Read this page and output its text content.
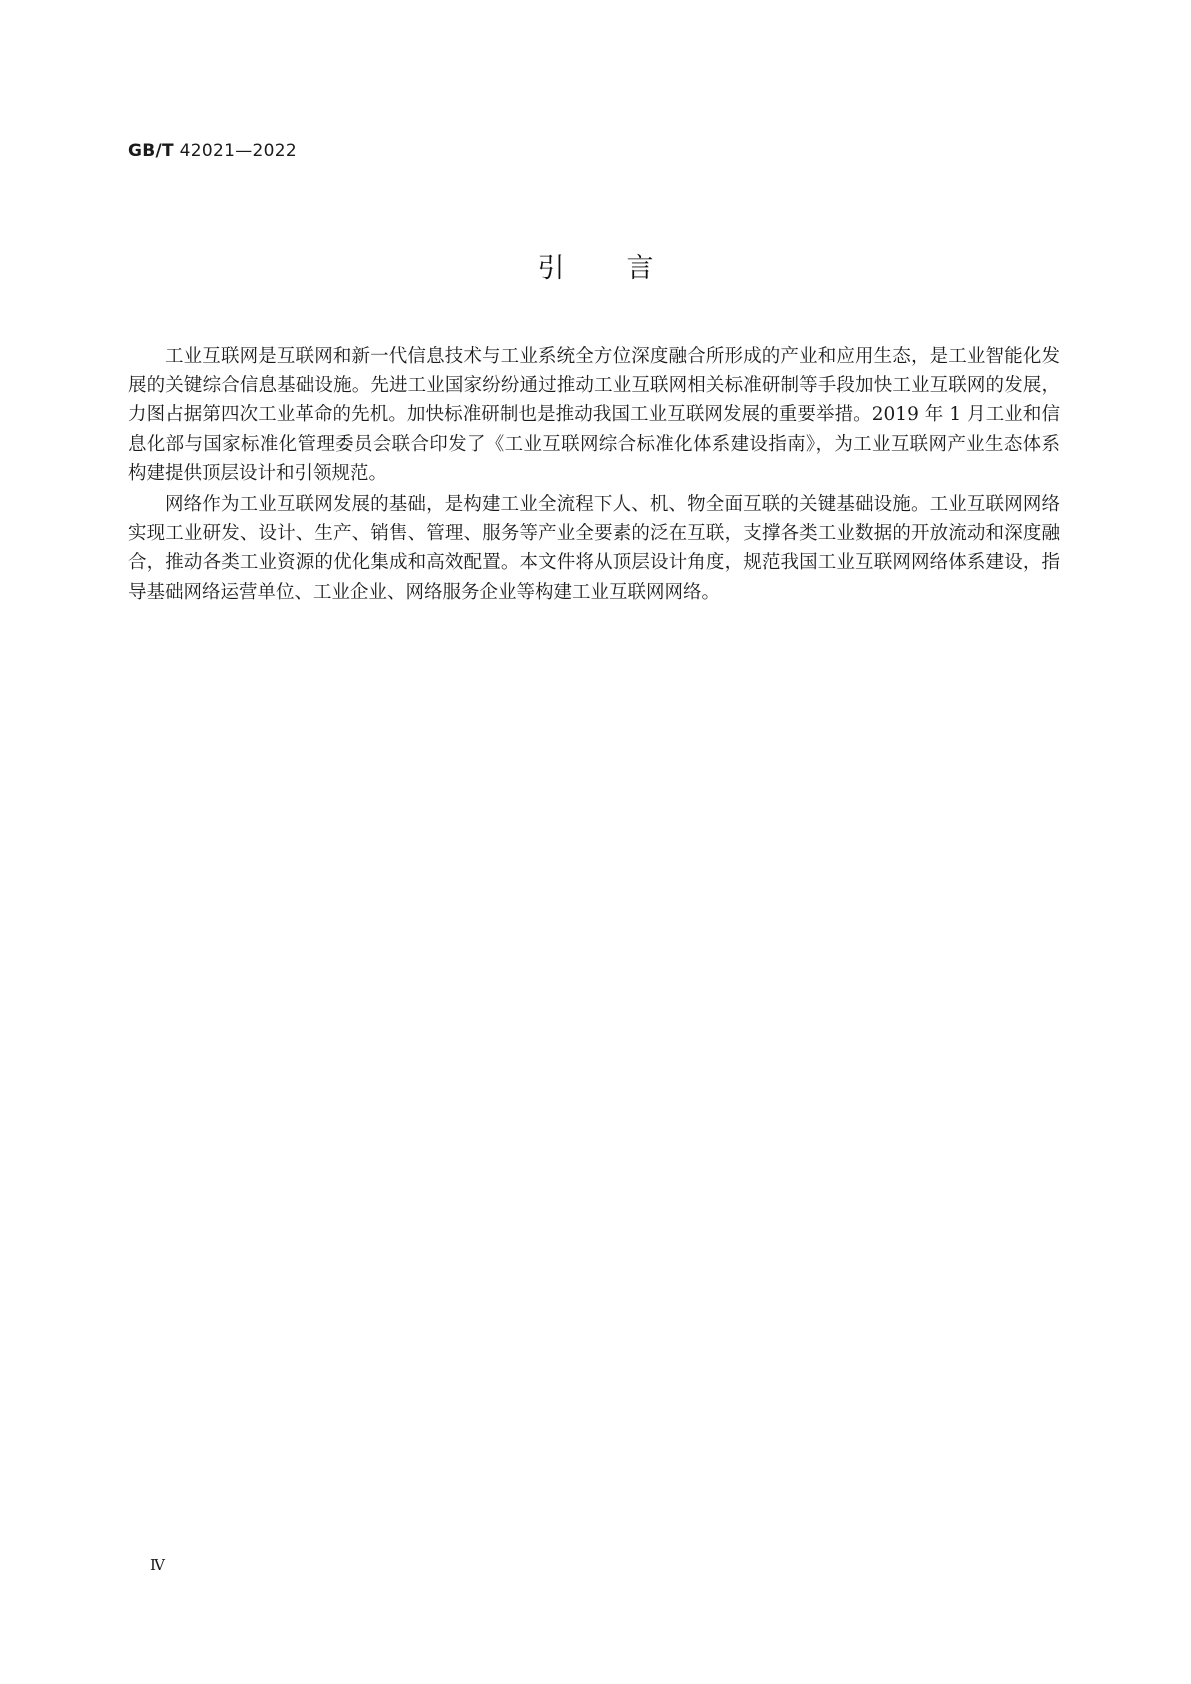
GB/T 42021—2022
引言

工业互联网是互联网和新一代信息技术与工业系统全方位深度融合所形成的产业和应用生态，是工业智能化发展的关键综合信息基础设施。先进工业国家纷纷通过推动工业互联网相关标准研制等手段加快工业互联网的发展，力图占据第四次工业革命的先机。加快标准研制也是推动我国工业互联网发展的重要举措。2019 年 1 月工业和信息化部与国家标准化管理委员会联合印发了《工业互联网综合标准化体系建设指南》，为工业互联网产业生态体系构建提供顶层设计和引领规范。

网络作为工业互联网发展的基础，是构建工业全流程下人、机、物全面互联的关键基础设施。工业互联网网络实现工业研发、设计、生产、销售、管理、服务等产业全要素的泛在互联，支撑各类工业数据的开放流动和深度融合，推动各类工业资源的优化集成和高效配置。本文件将从顶层设计角度，规范我国工业互联网网络体系建设，指导基础网络运营单位、工业企业、网络服务企业等构建工业互联网网络。

Ⅳ
